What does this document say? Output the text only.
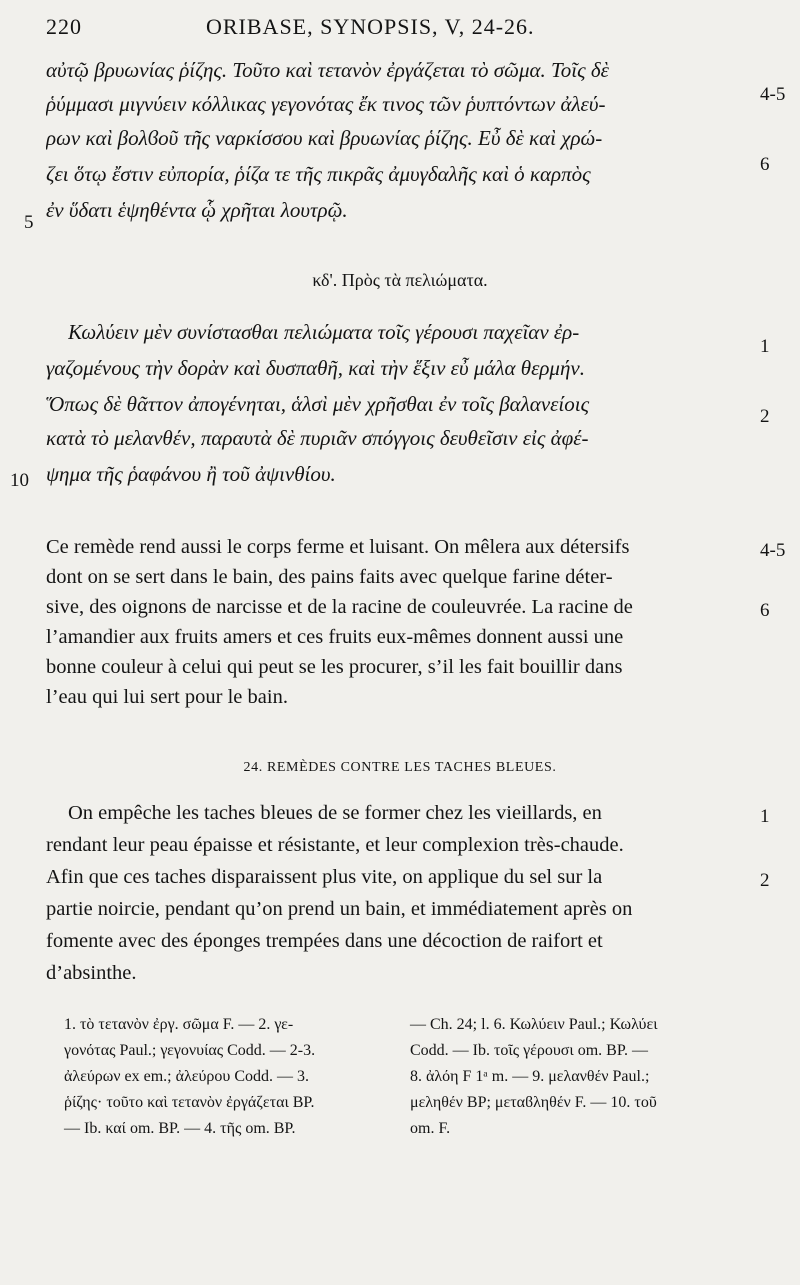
220	ORIBASE, SYNOPSIS, V, 24-26.
αὐτῷ βρυωνίας ῥίζης. Τοῦτο καὶ τετανὸν ἐργάζεται τὸ σῶμα. Τοῖς δὲ
ῥύμμασι μιγνύειν κόλλικας γεγονότας ἔκ τινος τῶν ῥυπτόντων ἀλεύ-
ρων καὶ βολϐοῦ τῆς ναρκίσσου καὶ βρυωνίας ῥίζης. Εὖ δὲ καὶ χρώ-
ζει ὅτῳ ἔστιν εὐπορία, ῥίζα τε τῆς πικρᾶς ἀμυγδαλῆς καὶ ὁ καρπὸς
ἐν ὕδατι ἑψηθέντα ᾧ χρῆται λουτρῷ.
4-5
6
5
κδ'. Πρὸς τὰ πελιώματα.
Κωλύειν μὲν συνίστασθαι πελιώματα τοῖς γέρουσι παχεῖαν ἐρ-
γαζομένους τὴν δορὰν καὶ δυσπαθῆ, καὶ τὴν ἕξιν εὖ μάλα θερμήν.
Ὅπως δὲ θᾶττον ἀπογένηται, ἁλσὶ μὲν χρῆσθαι ἐν τοῖς βαλανείοις
κατὰ τὸ μελανθέν, παραυτὰ δὲ πυριᾶν σπόγγοις δευθεῖσιν εἰς ἀφέ-
ψημα τῆς ῥαφάνου ἢ τοῦ ἀψινθίου.
1
2
10
Ce remède rend aussi le corps ferme et luisant. On mêlera aux détersifs
dont on se sert dans le bain, des pains faits avec quelque farine déter-
sive, des oignons de narcisse et de la racine de couleuvrée. La racine de
l’amandier aux fruits amers et ces fruits eux-mêmes donnent aussi une
bonne couleur à celui qui peut se les procurer, s’il les fait bouillir dans
l’eau qui lui sert pour le bain.
4-5
6
24. REMÈDES CONTRE LES TACHES BLEUES.
On empêche les taches bleues de se former chez les vieillards, en
rendant leur peau épaisse et résistante, et leur complexion très-chaude.
Afin que ces taches disparaissent plus vite, on applique du sel sur la
partie noircie, pendant qu’on prend un bain, et immédiatement après on
fomente avec des éponges trempées dans une décoction de raifort et
d’absinthe.
1
2
1. τὸ τετανὸν ἐργ. σῶμα F. — 2. γε-
γονότας Paul.; γεγονυίας Codd. — 2-3.
ἀλεύρων ex em.; ἀλεύρου Codd. — 3.
ῥίζης· τοῦτο καὶ τετανὸν ἐργάζεται BP.
— Ib. καί om. BP. — 4. τῆς om. BP.
— Ch. 24; l. 6. Κωλύειν Paul.; Κωλύει
Codd. — Ib. τοῖς γέρουσι om. BP. —
8. ἀλόη F 1ᵃ m. — 9. μελανθέν Paul.;
μεληθέν BP; μεταϐληθέν F. — 10. τοῦ
om. F.
